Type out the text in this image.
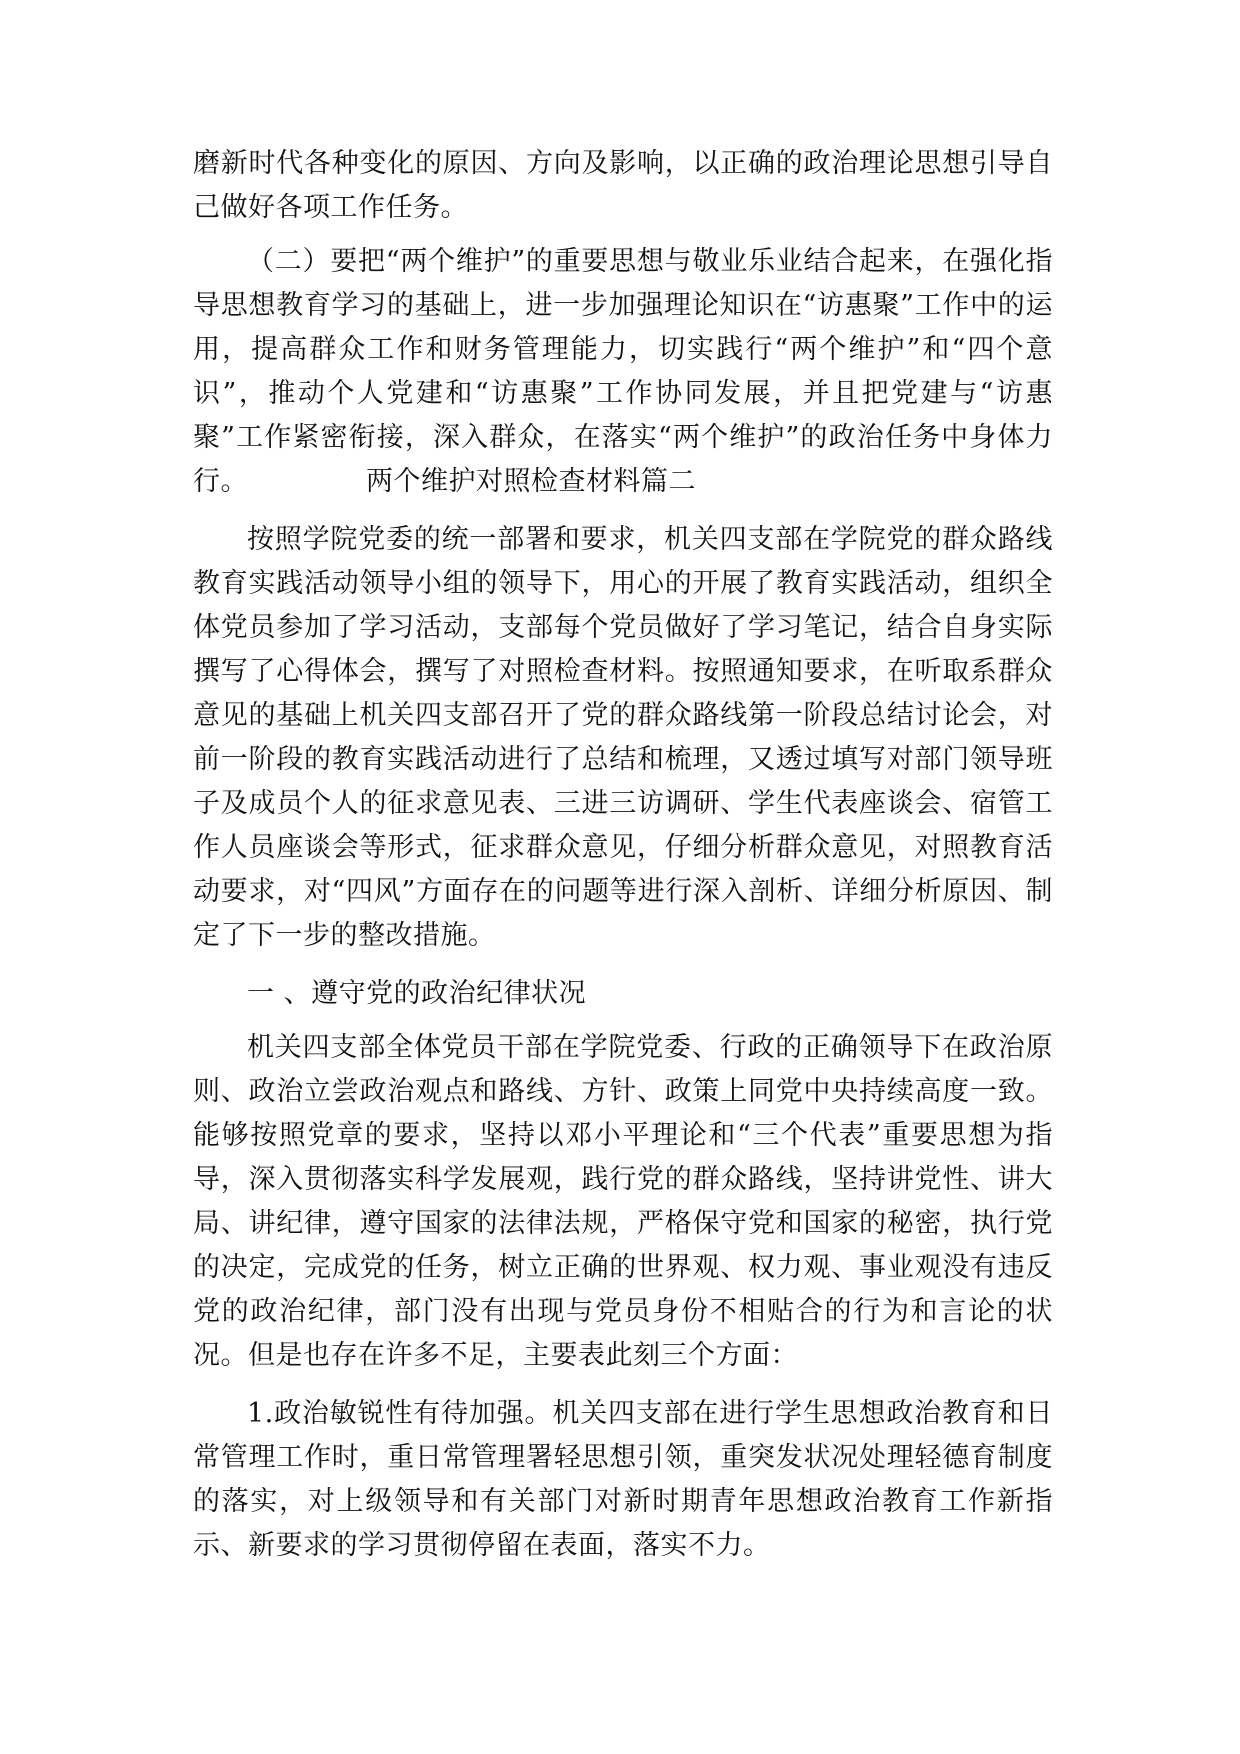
磨新时代各种变化的原因、方向及影响，以正确的政治理论思想引导自己做好各项工作任务。

（二）要把“两个维护”的重要思想与敬业乐业结合起来，在强化指导思想教育学习的基础上，进一步加强理论知识在“访惠聚”工作中的运用，提高群众工作和财务管理能力，切实践行“两个维护”和“四个意识”，推动个人党建和“访惠聚”工作协同发展，并且把党建与“访惠聚”工作紧密衔接，深入群众，在落实“两个维护”的政治任务中身体力行。	两个维护对照检查材料篇二

按照学院党委的统一部署和要求，机关四支部在学院党的群众路线教育实践活动领导小组的领导下，用心的开展了教育实践活动，组织全体党员参加了学习活动，支部每个党员做好了学习笔记，结合自身实际撰写了心得体会，撰写了对照检查材料。按照通知要求，在听取系群众意见的基础上机关四支部召开了党的群众路线第一阶段总结讨论会，对前一阶段的教育实践活动进行了总结和梳理，又透过填写对部门领导班子及成员个人的征求意见表、三进三访调研、学生代表座谈会、宿管工作人员座谈会等形式，征求群众意见，仔细分析群众意见，对照教育活动要求，对“四风”方面存在的问题等进行深入剖析、详细分析原因、制定了下一步的整改措施。

一 、遵守党的政治纪律状况

机关四支部全体党员干部在学院党委、行政的正确领导下在政治原则、政治立尝政治观点和路线、方针、政策上同党中央持续高度一致。能够按照党章的要求，坚持以邓小平理论和“三个代表”重要思想为指导，深入贯彻落实科学发展观，践行党的群众路线，坚持讲党性、讲大局、讲纪律，遵守国家的法律法规，严格保守党和国家的秘密，执行党的决定，完成党的任务，树立正确的世界观、权力观、事业观没有违反党的政治纪律，部门没有出现与党员身份不相贴合的行为和言论的状况。但是也存在许多不足，主要表此刻三个方面：

1.政治敏锐性有待加强。机关四支部在进行学生思想政治教育和日常管理工作时，重日常管理署轻思想引领，重突发状况处理轻德育制度的落实，对上级领导和有关部门对新时期青年思想政治教育工作新指示、新要求的学习贯彻停留在表面，落实不力。
